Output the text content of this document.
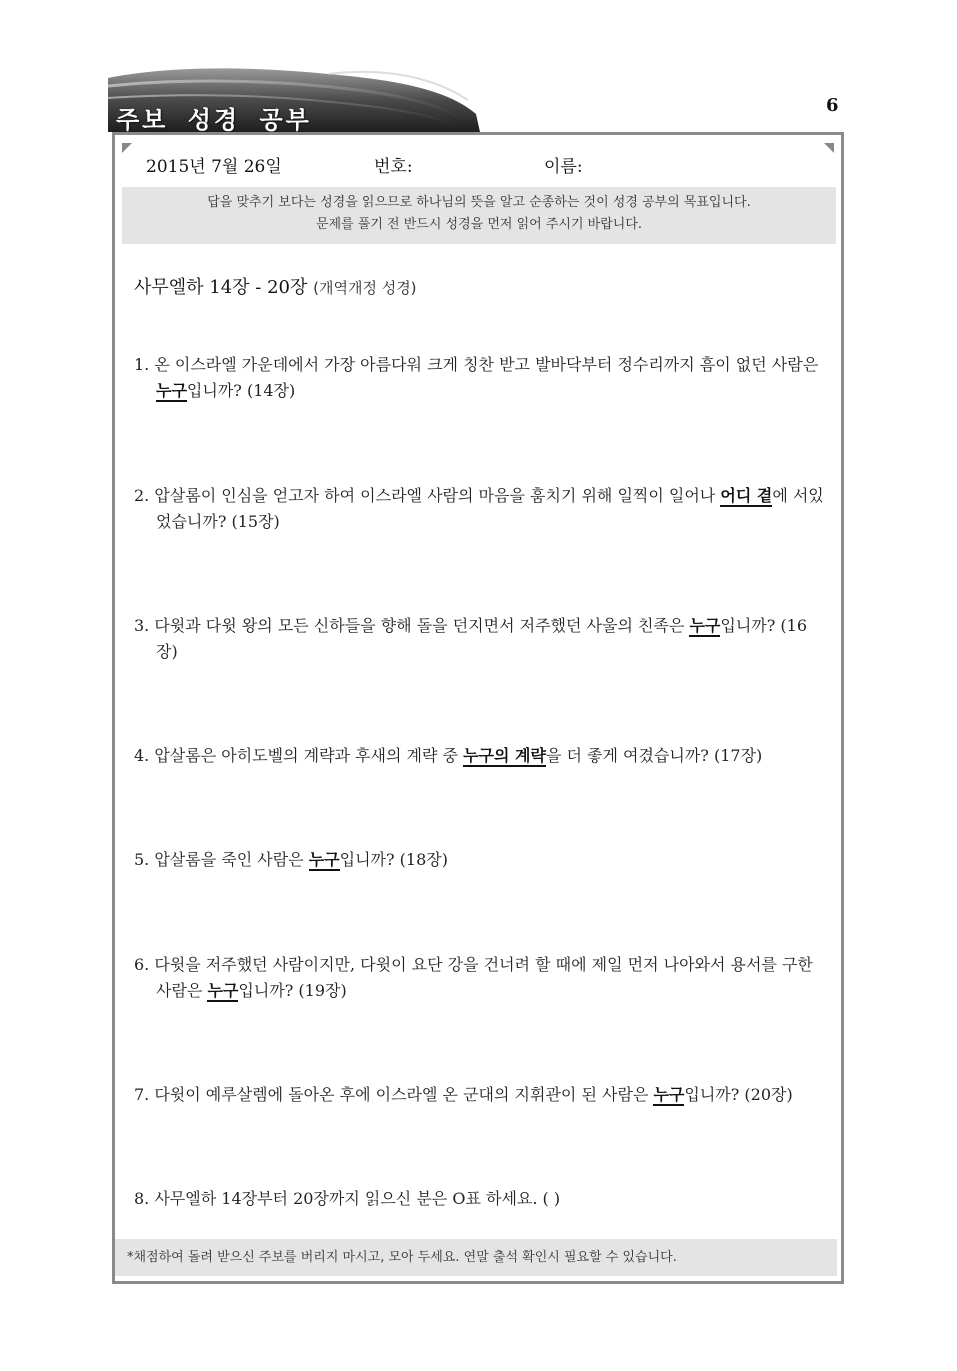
주보 성경 공부
6
2015년 7월 26일	번호:	이름:
답을 맞추기 보다는 성경을 읽으므로 하나님의 뜻을 알고 순종하는 것이 성경 공부의 목표입니다.
문제를 풀기 전 반드시 성경을 먼저 읽어 주시기 바랍니다.
사무엘하 14장 - 20장 (개역개정 성경)
1. 온 이스라엘 가운데에서 가장 아름다워 크게 칭찬 받고 발바닥부터 정수리까지 흠이 없던 사람은 누구입니까? (14장)
2. 압살롬이 인심을 얻고자 하여 이스라엘 사람의 마음을 훔치기 위해 일찍이 일어나 어디 곁에 서있었습니까? (15장)
3. 다윗과 다윗 왕의 모든 신하들을 향해 돌을 던지면서 저주했던 사울의 친족은 누구입니까? (16장)
4. 압살롬은 아히도벨의 계략과 후새의 계략 중 누구의 계략을 더 좋게 여겼습니까? (17장)
5. 압살롬을 죽인 사람은 누구입니까? (18장)
6. 다윗을 저주했던 사람이지만, 다윗이 요단 강을 건너려 할 때에 제일 먼저 나아와서 용서를 구한 사람은 누구입니까? (19장)
7. 다윗이 예루살렘에 돌아온 후에 이스라엘 온 군대의 지휘관이 된 사람은 누구입니까? (20장)
8. 사무엘하 14장부터 20장까지 읽으신 분은 O표 하세요. ( )
*채점하여 돌려 받으신 주보를 버리지 마시고, 모아 두세요. 연말 출석 확인시 필요할 수 있습니다.
